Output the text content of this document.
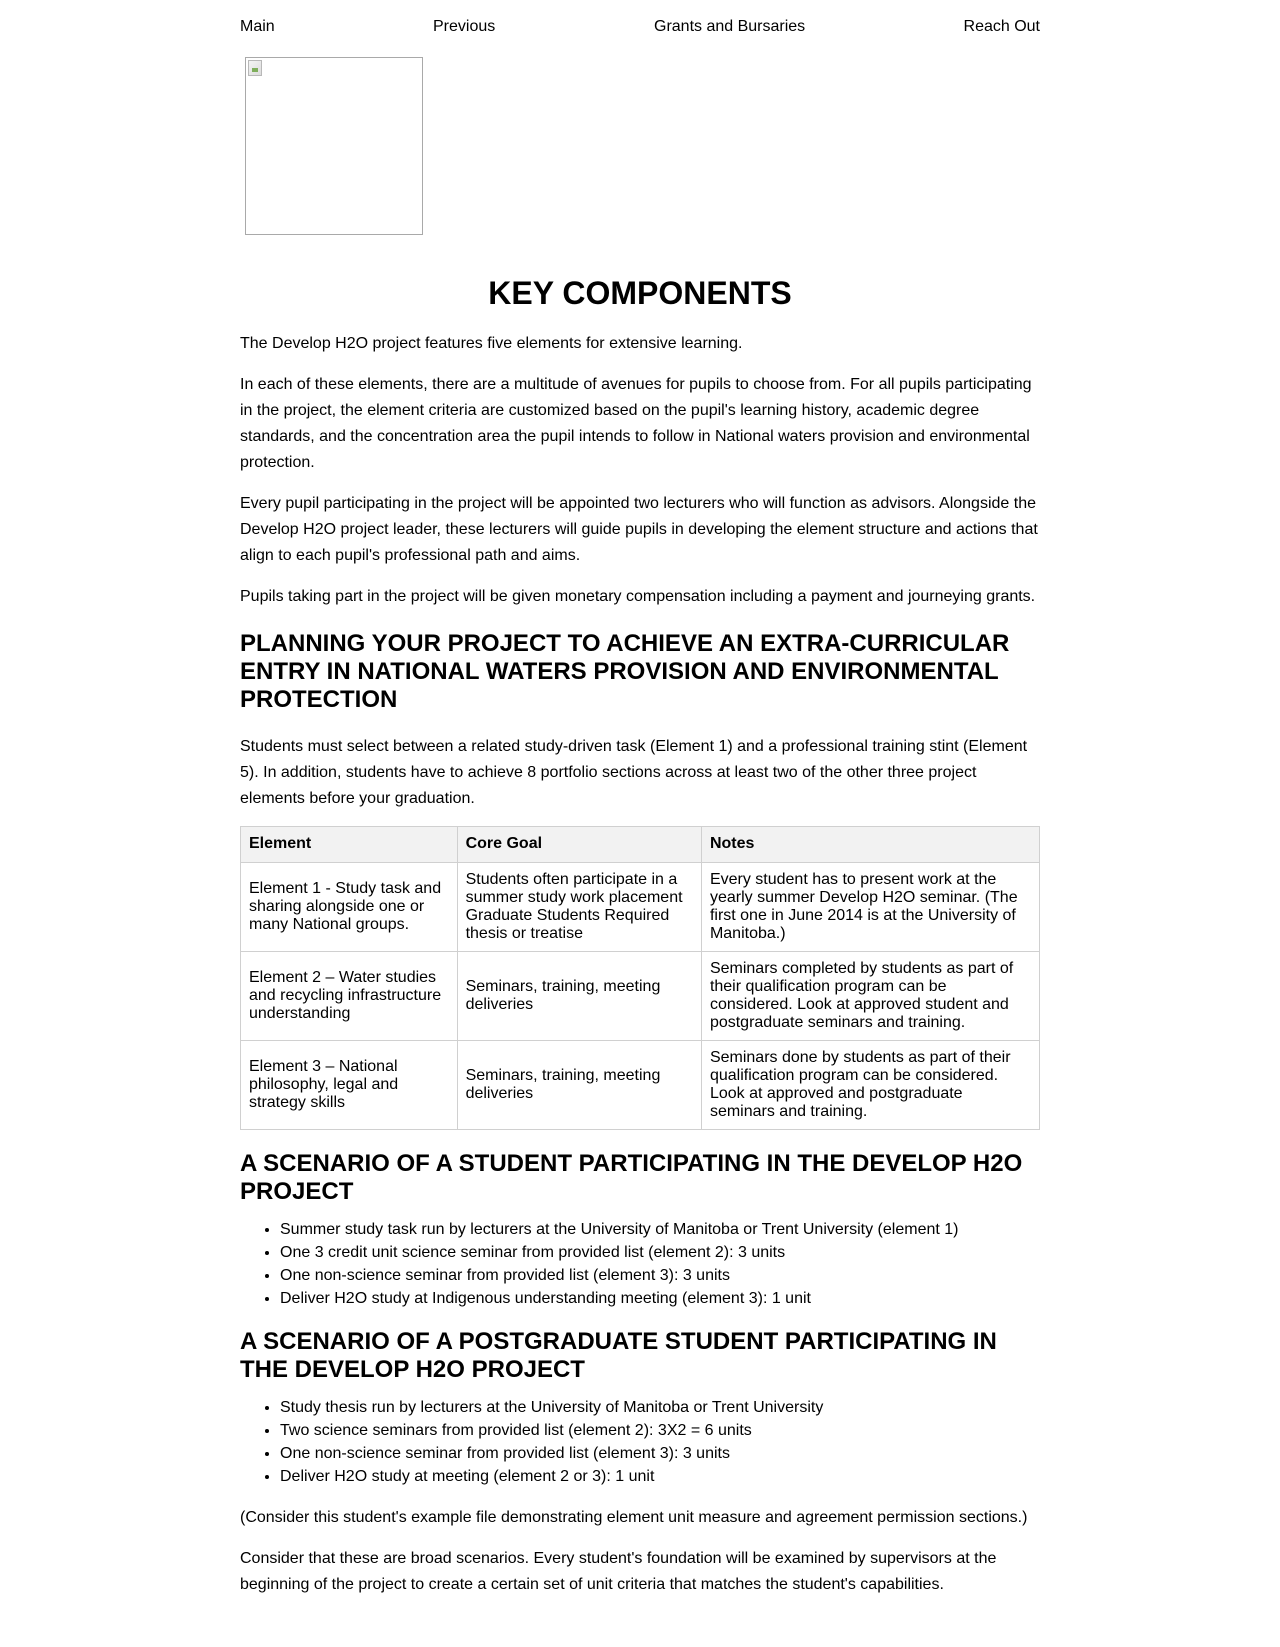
Main	Previous	Grants and Bursaries	Reach Out
KEY COMPONENTS

The Develop H2O project features five elements for extensive learning.

In each of these elements, there are a multitude of avenues for pupils to choose from. For all pupils participating in the project, the element criteria are customized based on the pupil's learning history, academic degree standards, and the concentration area the pupil intends to follow in National waters provision and environmental protection.

Every pupil participating in the project will be appointed two lecturers who will function as advisors. Alongside the Develop H2O project leader, these lecturers will guide pupils in developing the element structure and actions that align to each pupil's professional path and aims.

Pupils taking part in the project will be given monetary compensation including a payment and journeying grants.

PLANNING YOUR PROJECT TO ACHIEVE AN EXTRA-CURRICULAR ENTRY IN NATIONAL WATERS PROVISION AND ENVIRONMENTAL PROTECTION

Students must select between a related study-driven task (Element 1) and a professional training stint (Element 5). In addition, students have to achieve 8 portfolio sections across at least two of the other three project elements before your graduation.

Element	Core Goal	Notes
Element 1 - Study task and sharing alongside one or many National groups.	Students often participate in a summer study work placement Graduate Students Required thesis or treatise	Every student has to present work at the yearly summer Develop H2O seminar. (The first one in June 2014 is at the University of Manitoba.)
Element 2 – Water studies and recycling infrastructure understanding	Seminars, training, meeting deliveries	Seminars completed by students as part of their qualification program can be considered. Look at approved student and postgraduate seminars and training.
Element 3 – National philosophy, legal and strategy skills	Seminars, training, meeting deliveries	Seminars done by students as part of their qualification program can be considered. Look at approved and postgraduate seminars and training.
A SCENARIO OF A STUDENT PARTICIPATING IN THE DEVELOP H2O PROJECT
• Summer study task run by lecturers at the University of Manitoba or Trent University (element 1)
• One 3 credit unit science seminar from provided list (element 2): 3 units
• One non-science seminar from provided list (element 3): 3 units
• Deliver H2O study at Indigenous understanding meeting (element 3): 1 unit
A SCENARIO OF A POSTGRADUATE STUDENT PARTICIPATING IN THE DEVELOP H2O PROJECT
• Study thesis run by lecturers at the University of Manitoba or Trent University
• Two science seminars from provided list (element 2): 3X2 = 6 units
• One non-science seminar from provided list (element 3): 3 units
• Deliver H2O study at meeting (element 2 or 3): 1 unit

(Consider this student's example file demonstrating element unit measure and agreement permission sections.)

Consider that these are broad scenarios. Every student's foundation will be examined by supervisors at the beginning of the project to create a certain set of unit criteria that matches the student's capabilities.
